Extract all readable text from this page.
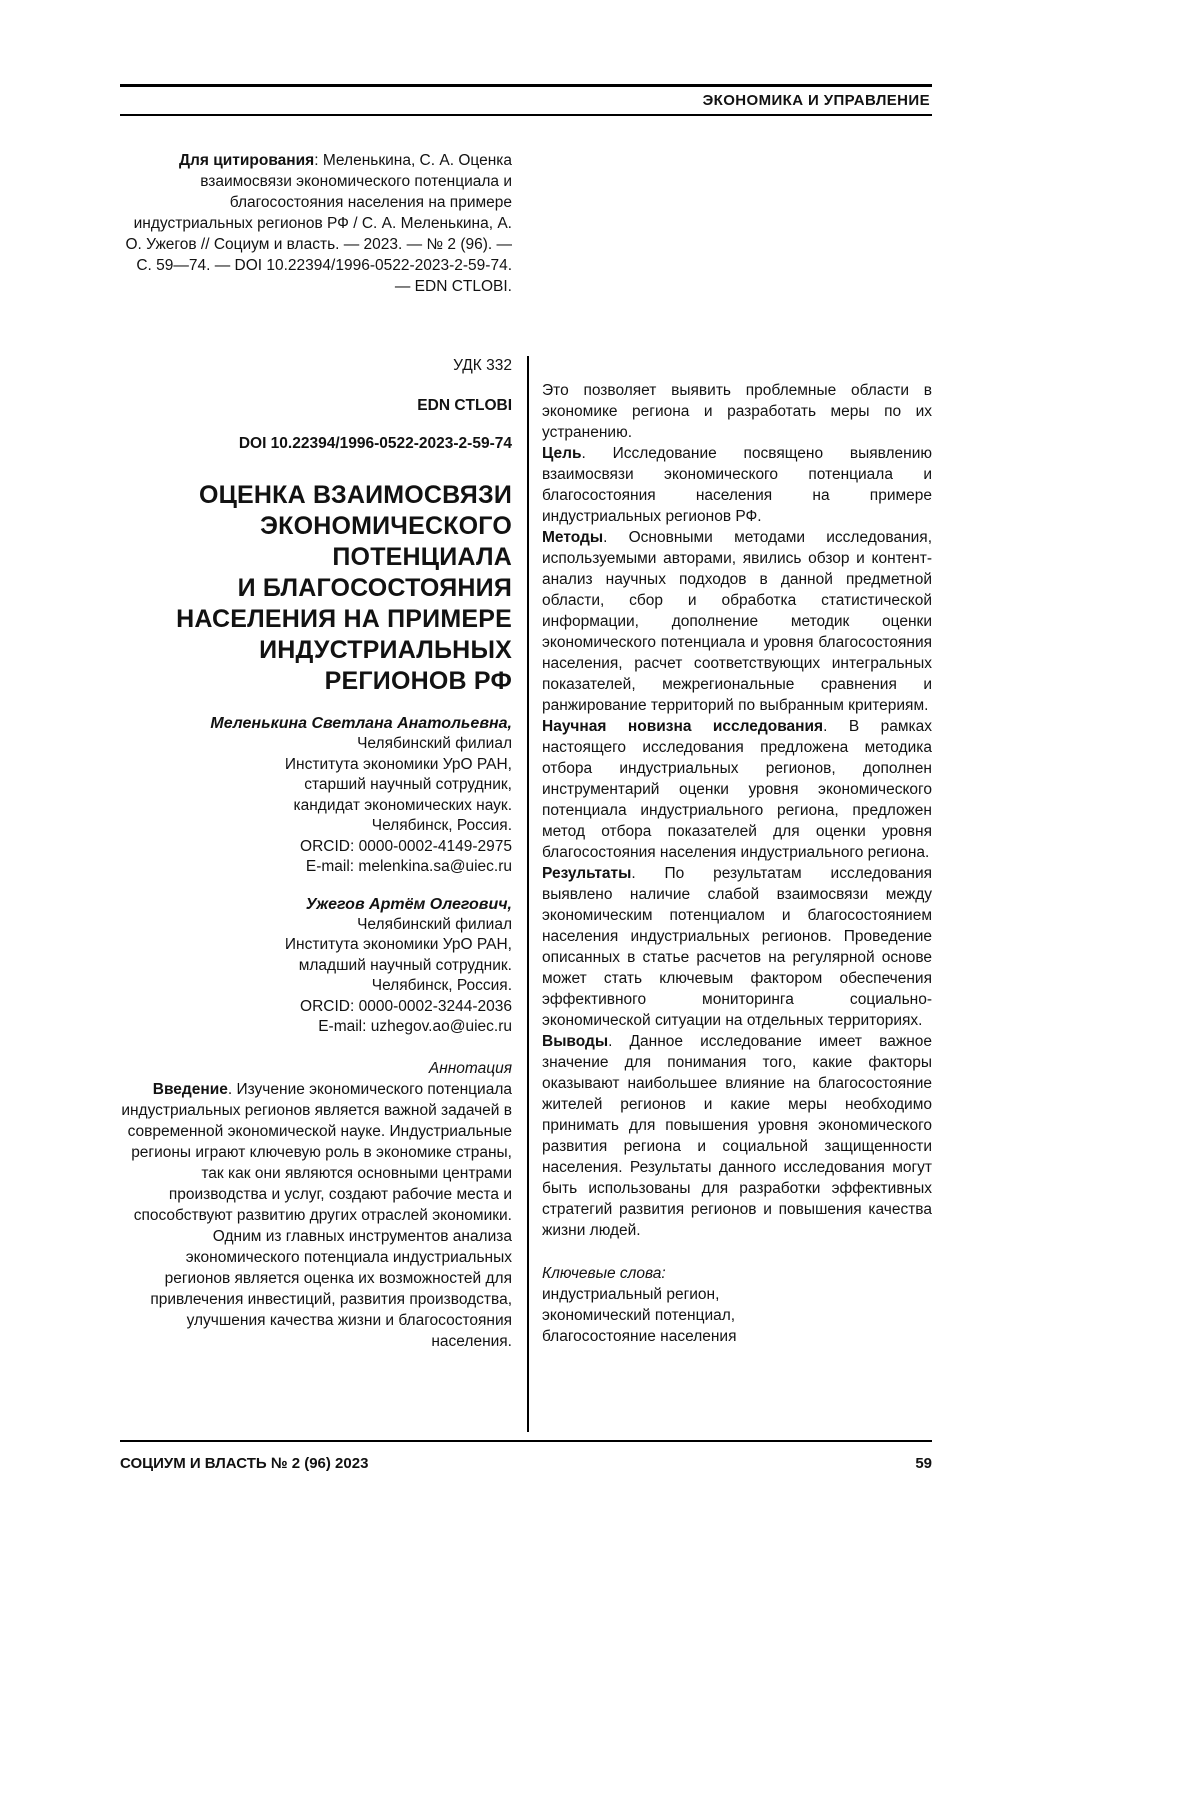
ЭКОНОМИКА И УПРАВЛЕНИЕ

Для цитирования: Меленькина, С. А. Оценка взаимосвязи экономического потенциала и благосостояния населения на примере индустриальных регионов РФ / С. А. Меленькина, А. О. Ужегов // Социум и власть. — 2023. — № 2 (96). — С. 59—74. — DOI 10.22394/1996-0522-2023-2-59-74. — EDN CTLOBI.

УДК 332
EDN CTLOBI
DOI 10.22394/1996-0522-2023-2-59-74
ОЦЕНКА ВЗАИМОСВЯЗИ
ЭКОНОМИЧЕСКОГО
ПОТЕНЦИАЛА
И БЛАГОСОСТОЯНИЯ
НАСЕЛЕНИЯ НА ПРИМЕРЕ
ИНДУСТРИАЛЬНЫХ
РЕГИОНОВ РФ
Меленькина Светлана Анатольевна,
Челябинский филиал
Института экономики УрО РАН,
старший научный сотрудник,
кандидат экономических наук.
Челябинск, Россия.
ORCID: 0000-0002-4149-2975
E-mail: melenkina.sa@uiec.ru
Ужегов Артём Олегович,
Челябинский филиал
Института экономики УрО РАН,
младший научный сотрудник.
Челябинск, Россия.
ORCID: 0000-0002-3244-2036
E-mail: uzhegov.ao@uiec.ru
Аннотация

Введение. Изучение экономического потенциала индустриальных регионов является важной задачей в современной экономической науке. Индустриальные регионы играют ключевую роль в экономике страны, так как они являются основными центрами производства и услуг, создают рабочие места и способствуют развитию других отраслей экономики. Одним из главных инструментов анализа экономического потенциала индустриальных регионов является оценка их возможностей для привлечения инвестиций, развития производства, улучшения качества жизни и благосостояния населения.

Это позволяет выявить проблемные области в экономике региона и разработать меры по их устранению.

Цель. Исследование посвящено выявлению взаимосвязи экономического потенциала и благосостояния населения на примере индустриальных регионов РФ.

Методы. Основными методами исследования, используемыми авторами, явились обзор и контент-анализ научных подходов в данной предметной области, сбор и обработка статистической информации, дополнение методик оценки экономического потенциала и уровня благосостояния населения, расчет соответствующих интегральных показателей, межрегиональные сравнения и ранжирование территорий по выбранным критериям.

Научная новизна исследования. В рамках настоящего исследования предложена методика отбора индустриальных регионов, дополнен инструментарий оценки уровня экономического потенциала индустриального региона, предложен метод отбора показателей для оценки уровня благосостояния населения индустриального региона.

Результаты. По результатам исследования выявлено наличие слабой взаимосвязи между экономическим потенциалом и благосостоянием населения индустриальных регионов. Проведение описанных в статье расчетов на регулярной основе может стать ключевым фактором обеспечения эффективного мониторинга социально-экономической ситуации на отдельных территориях.

Выводы. Данное исследование имеет важное значение для понимания того, какие факторы оказывают наибольшее влияние на благосостояние жителей регионов и какие меры необходимо принимать для повышения уровня экономического развития региона и социальной защищенности населения. Результаты данного исследования могут быть использованы для разработки эффективных стратегий развития регионов и повышения качества жизни людей.

Ключевые слова:
индустриальный регион,
экономический потенциал,
благосостояние населения
СОЦИУМ И ВЛАСТЬ № 2 (96) 2023	59
